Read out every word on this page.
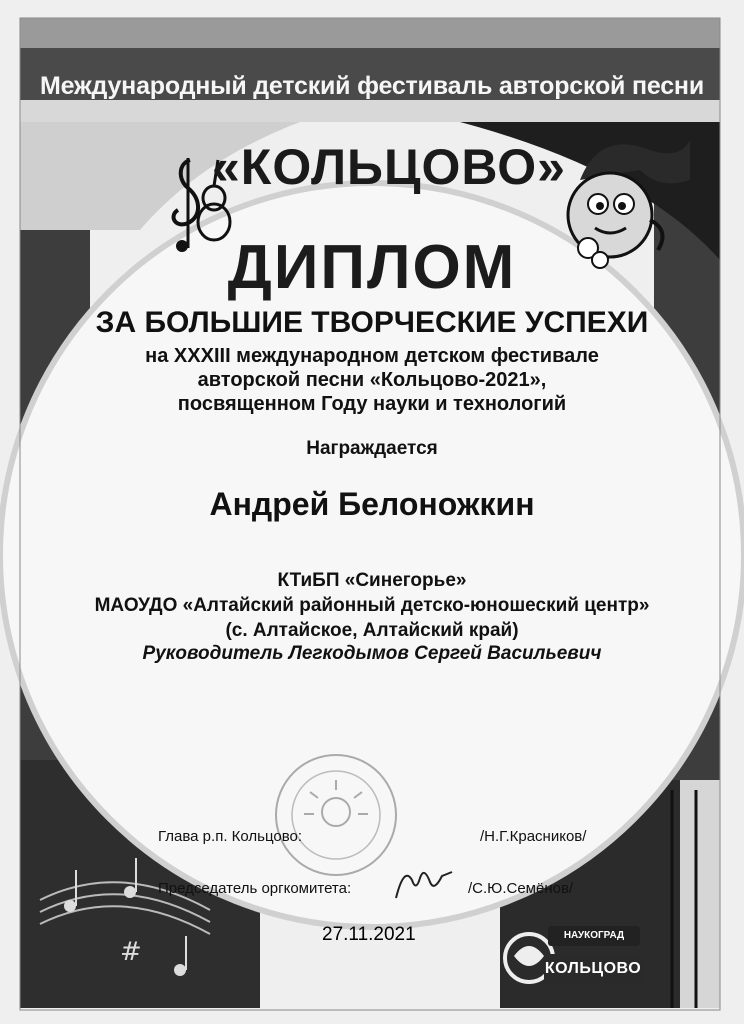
#
Международный детский фестиваль авторской песни
«КОЛЬЦОВО»
ДИПЛОМ
ЗА БОЛЬШИЕ ТВОРЧЕСКИЕ УСПЕХИ
на XXXIII международном детском фестивале
авторской песни «Кольцово-2021»,
посвященном Году науки и технологий
Награждается
Андрей Белоножкин
КТиБП «Синегорье»
МАОУДО «Алтайский районный детско-юношеский центр»
(с. Алтайское, Алтайский край)
Руководитель Легкодымов Сергей Васильевич
Глава р.п. Кольцово:	/Н.Г.Красников/
Председатель оргкомитета:	/С.Ю.Семёнов/
27.11.2021	НАУКОГРАД
КОЛЬЦОВО
